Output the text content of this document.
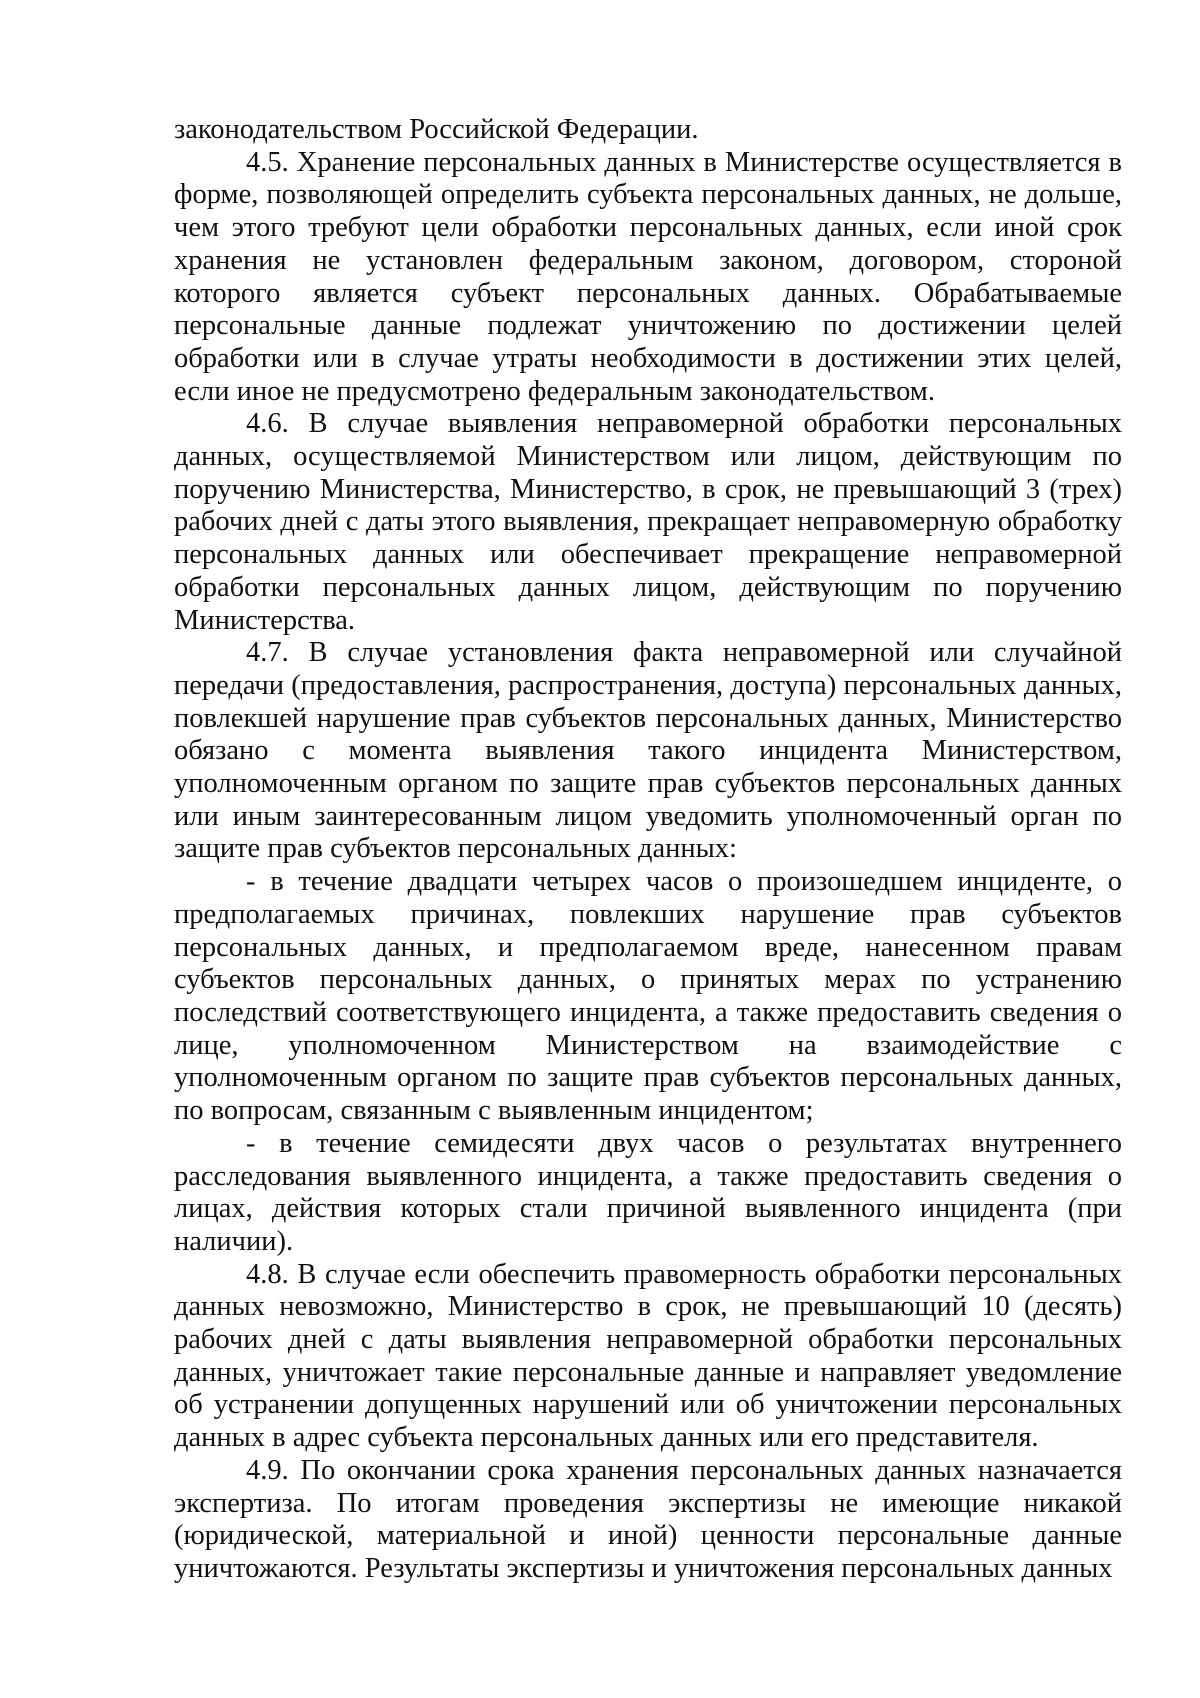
законодательством Российской Федерации.

4.5. Хранение персональных данных в Министерстве осуществляется в форме, позволяющей определить субъекта персональных данных, не дольше, чем этого требуют цели обработки персональных данных, если иной срок хранения не установлен федеральным законом, договором, стороной которого является субъект персональных данных. Обрабатываемые персональные данные подлежат уничтожению по достижении целей обработки или в случае утраты необходимости в достижении этих целей, если иное не предусмотрено федеральным законодательством.

4.6. В случае выявления неправомерной обработки персональных данных, осуществляемой Министерством или лицом, действующим по поручению Министерства, Министерство, в срок, не превышающий 3 (трех) рабочих дней с даты этого выявления, прекращает неправомерную обработку персональных данных или обеспечивает прекращение неправомерной обработки персональных данных лицом, действующим по поручению Министерства.

4.7. В случае установления факта неправомерной или случайной передачи (предоставления, распространения, доступа) персональных данных, повлекшей нарушение прав субъектов персональных данных, Министерство обязано с момента выявления такого инцидента Министерством, уполномоченным органом по защите прав субъектов персональных данных или иным заинтересованным лицом уведомить уполномоченный орган по защите прав субъектов персональных данных:

- в течение двадцати четырех часов о произошедшем инциденте, о предполагаемых причинах, повлекших нарушение прав субъектов персональных данных, и предполагаемом вреде, нанесенном правам субъектов персональных данных, о принятых мерах по устранению последствий соответствующего инцидента, а также предоставить сведения о лице, уполномоченном Министерством на взаимодействие с уполномоченным органом по защите прав субъектов персональных данных, по вопросам, связанным с выявленным инцидентом;

- в течение семидесяти двух часов о результатах внутреннего расследования выявленного инцидента, а также предоставить сведения о лицах, действия которых стали причиной выявленного инцидента (при наличии).

4.8. В случае если обеспечить правомерность обработки персональных данных невозможно, Министерство в срок, не превышающий 10 (десять) рабочих дней с даты выявления неправомерной обработки персональных данных, уничтожает такие персональные данные и направляет уведомление об устранении допущенных нарушений или об уничтожении персональных данных в адрес субъекта персональных данных или его представителя.

4.9. По окончании срока хранения персональных данных назначается экспертиза. По итогам проведения экспертизы не имеющие никакой (юридической, материальной и иной) ценности персональные данные уничтожаются. Результаты экспертизы и уничтожения персональных данных
